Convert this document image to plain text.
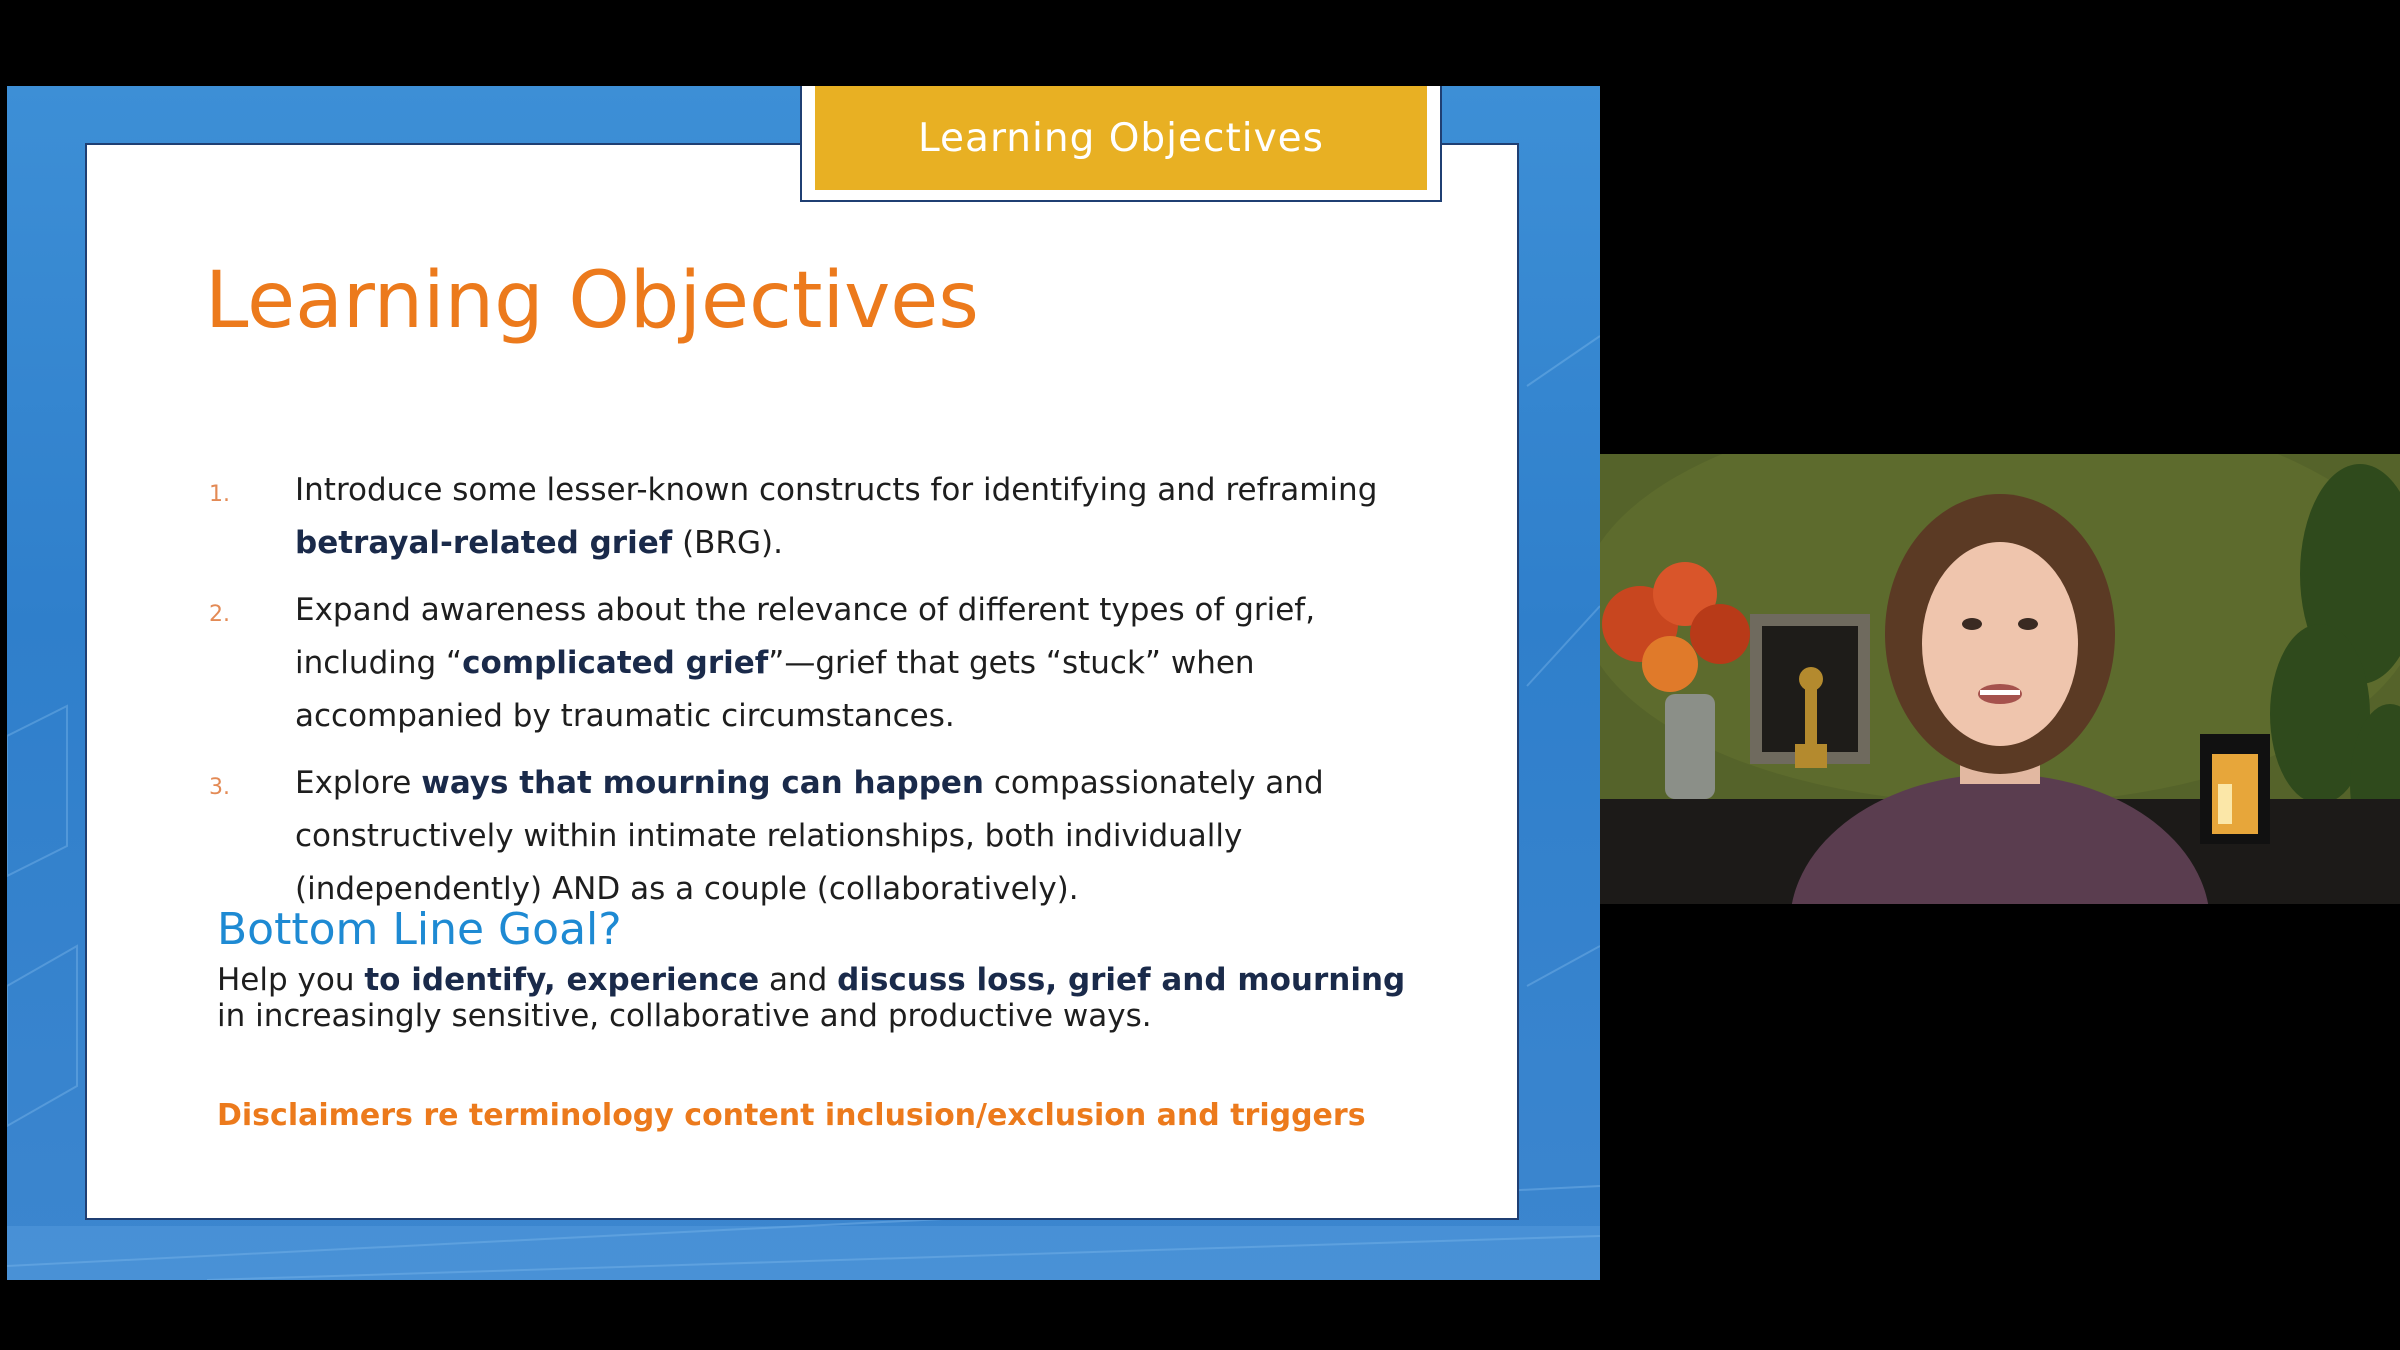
Learning Objectives
Learning Objectives
1. Introduce some lesser-known constructs for identifying and reframing betrayal-related grief (BRG).
2. Expand awareness about the relevance of different types of grief, including “complicated grief”—grief that gets “stuck” when accompanied by traumatic circumstances.
3. Explore ways that mourning can happen compassionately and constructively within intimate relationships, both individually (independently) AND as a couple (collaboratively).
Bottom Line Goal?
Help you to identify, experience and discuss loss, grief and mourning in increasingly sensitive, collaborative and productive ways.
Disclaimers re terminology content inclusion/exclusion and triggers
